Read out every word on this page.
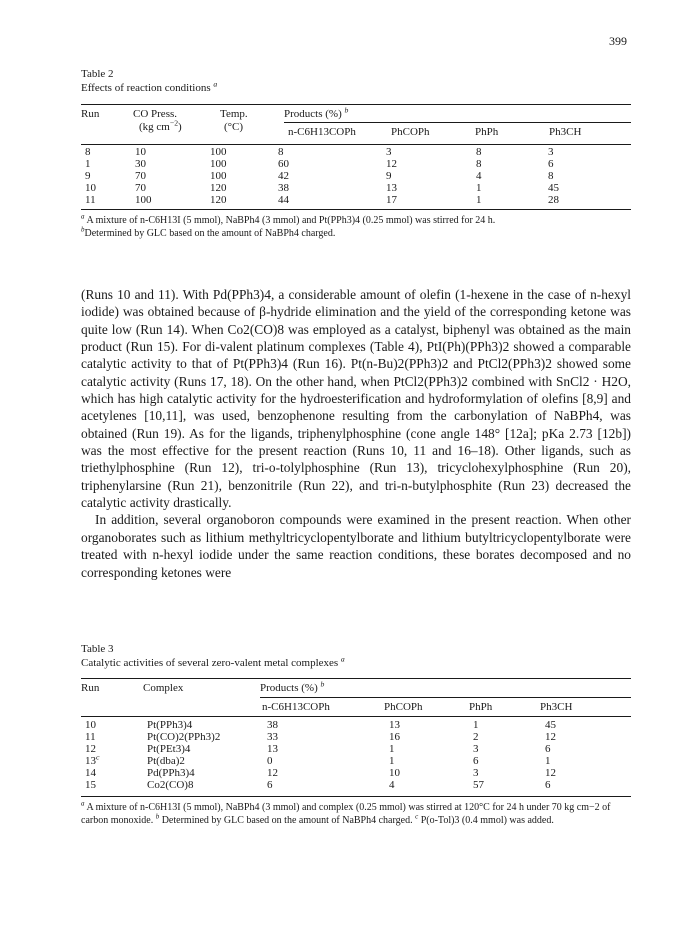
399
Table 2
Effects of reaction conditions $^a$
Run	CO Press.
(kg $cm^{-2}$)
Temp.
(°C)
Products (%) $^b$
n-C6H13COPh	PhCOPh	PhPh	Ph3CH
8	10	100	8	3	8	3
1	30	100	60	12	8	6
9	70	100	42	9	4	8
10	70	120	38	13	1	45
11	100	120	44	17	1	28
$^a$ A mixture of n-C6H13I (5 mmol), NaBPh4 (3 mmol) and Pt(PPh3)4 (0.25 mmol) was stirred for 24 h.
$^b$Determined by GLC based on the amount of NaBPh4 charged.

(Runs 10 and 11). With Pd(PPh3)4, a considerable amount of olefin (1-hexene in the case of n-hexyl iodide) was obtained because of β-hydride elimination and the yield of the corresponding ketone was quite low (Run 14). When Co2(CO)8 was employed as a catalyst, biphenyl was obtained as the main product (Run 15). For di-valent platinum complexes (Table 4), PtI(Ph)(PPh3)2 showed a comparable catalytic activity to that of Pt(PPh3)4 (Run 16). Pt(n-Bu)2(PPh3)2 and PtCl2(PPh3)2 showed some catalytic activity (Runs 17, 18). On the other hand, when PtCl2(PPh3)2 combined with SnCl2 · H2O, which has high catalytic activity for the hydroesterification and hydroformylation of olefins [8,9] and acetylenes [10,11], was used, benzophenone resulting from the carbonylation of NaBPh4, was obtained (Run 19). As for the ligands, triphenylphosphine (cone angle 148° [12a]; pKa 2.73 [12b]) was the most effective for the present reaction (Runs 10, 11 and 16–18). Other ligands, such as triethylphosphine (Run 12), tri-o-tolylphosphine (Run 13), tricyclohexylphosphine (Run 20), triphenylarsine (Run 21), benzonitrile (Run 22), and tri-n-butylphosphite (Run 23) decreased the catalytic activity drastically.

In addition, several organoboron compounds were examined in the present reaction. When other organoborates such as lithium methyltricyclopentylborate and lithium butyltricyclopentylborate were treated with n-hexyl iodide under the same reaction conditions, these borates decomposed and no corresponding ketones were

Table 3
Catalytic activities of several zero-valent metal complexes $^a$
Run	Complex	Products (%) $^b$
n-C6H13COPh	PhCOPh	PhPh	Ph3CH
10	Pt(PPh3)4	38	13	1	45
11	Pt(CO)2(PPh3)2	33	16	2	12
12	Pt(PEt3)4	13	1	3	6
13$^c$	Pt(dba)2	0	1	6	1
14	Pd(PPh3)4	12	10	3	12
15	Co2(CO)8	6	4	57	6
$^a$ A mixture of n-C6H13I (5 mmol), NaBPh4 (3 mmol) and complex (0.25 mmol) was stirred at 120°C for 24 h under 70 kg cm−2 of carbon monoxide. $^b$ Determined by GLC based on the amount of NaBPh4 charged. $^c$ P(o-Tol)3 (0.4 mmol) was added.
